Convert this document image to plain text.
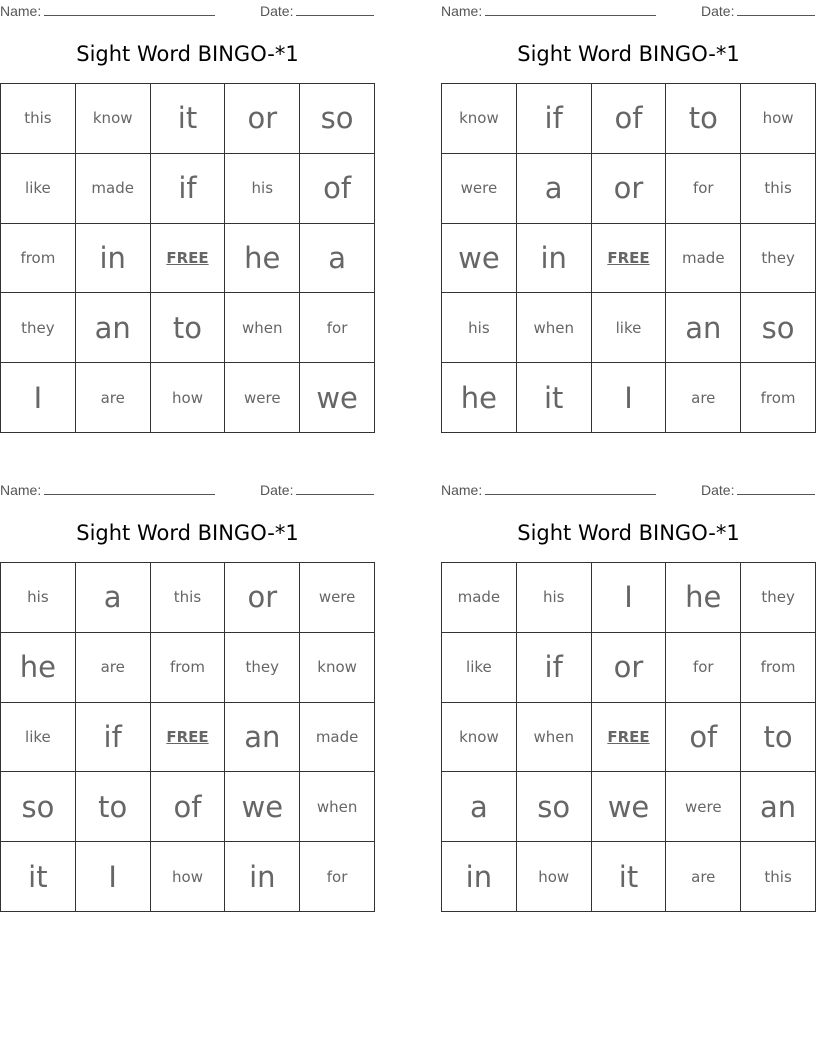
Name:	Date:
Sight Word BINGO-*1
this	know	it	or	so
like	made	if	his	of
from	in	FREE	he	a
they	an	to	when	for
I	are	how	were	we
Name:	Date:
Sight Word BINGO-*1
know	if	of	to	how
were	a	or	for	this
we	in	FREE	made	they
his	when	like	an	so
he	it	I	are	from
Name:	Date:
Sight Word BINGO-*1
his	a	this	or	were
he	are	from	they	know
like	if	FREE	an	made
so	to	of	we	when
it	I	how	in	for
Name:	Date:
Sight Word BINGO-*1
made	his	I	he	they
like	if	or	for	from
know	when	FREE	of	to
a	so	we	were	an
in	how	it	are	this
